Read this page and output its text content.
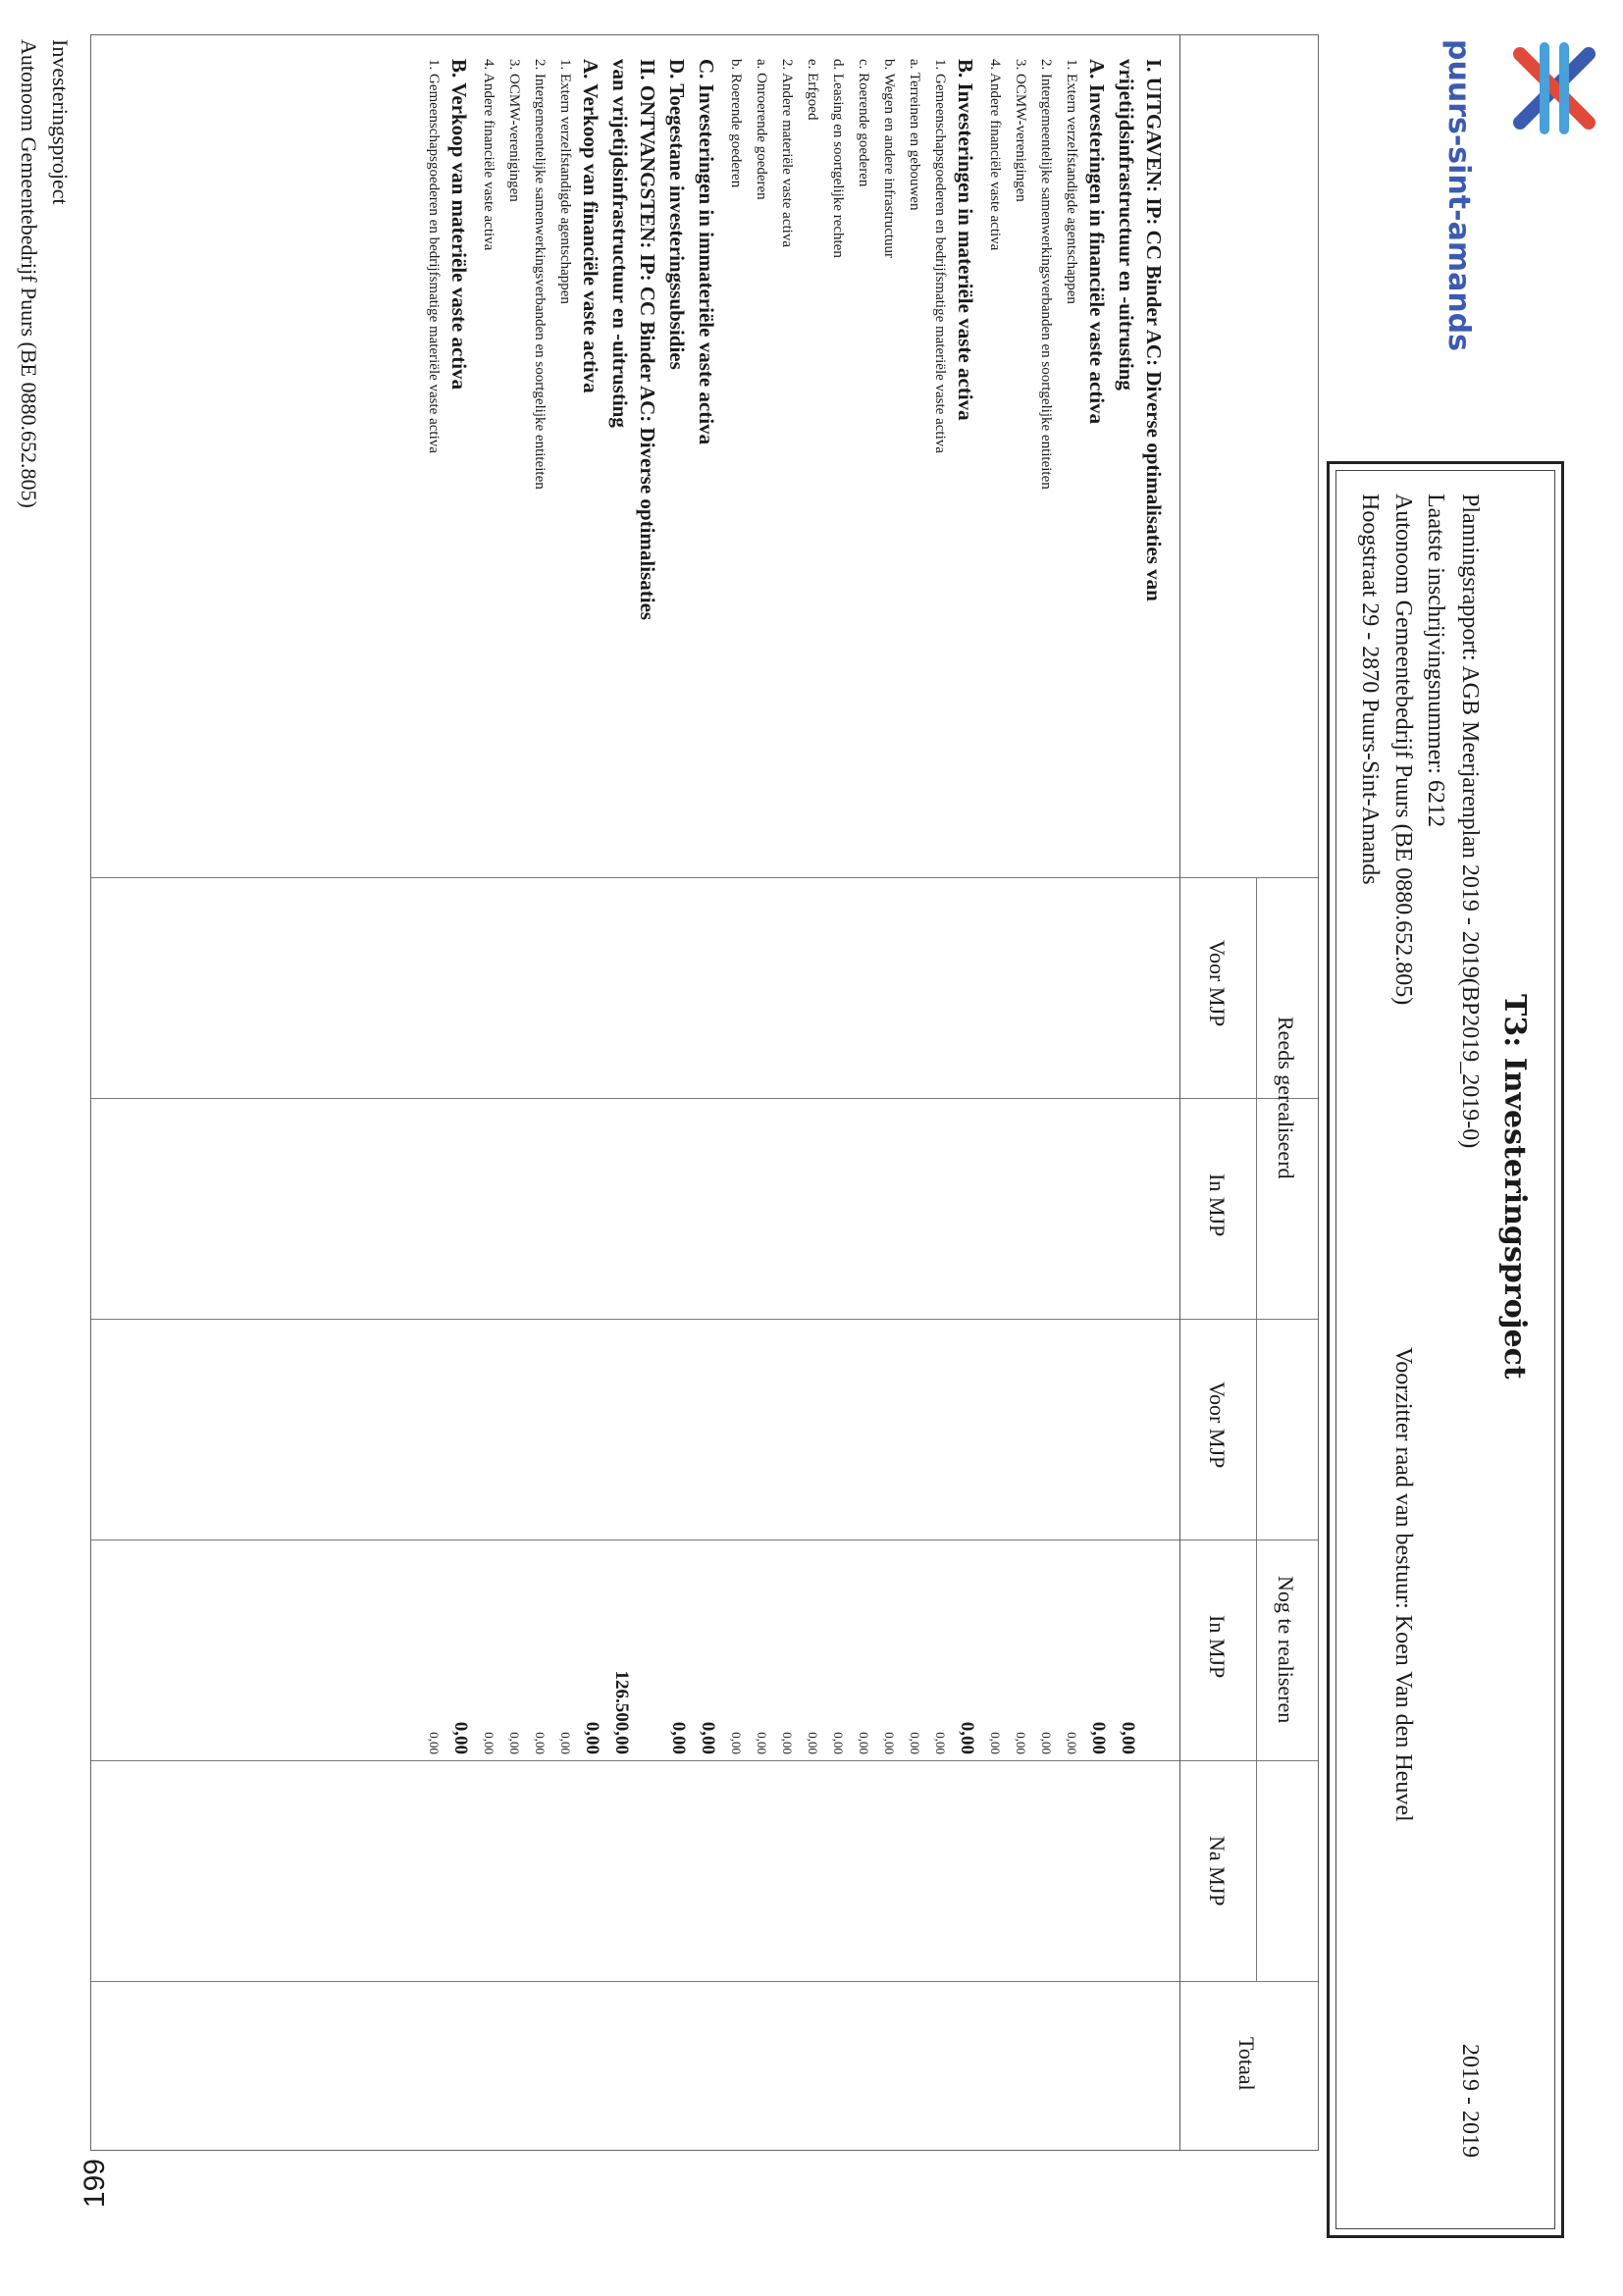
puurs-sint-amands
T3: Investeringsproject
Planningsrapport: AGB Meerjarenplan 2019 - 2019(BP2019_2019-0)
2019 - 2019
Laatste inschrijvingsnummer: 6212
Autonoom Gemeentebedrijf Puurs (BE 0880.652.805)
Voorzitter raad van bestuur: Koen Van den Heuvel
Hoogstraat 29 - 2870 Puurs-Sint-Amands
Reeds gerealiseerd
Nog te realiseren
Totaal
Voor MJP
In MJP
Voor MJP
In MJP
Na MJP
I. UITGAVEN: IP: CC Binder AC: Diverse optimalisaties van
vrijetijdsinfrastructuur en -uitrusting
0,00
A. Investeringen in financiële vaste activa
0,00
1. Extern verzelfstandigde agentschappen
0,00
2. Intergemeentelijke samenwerkingsverbanden en soortgelijke entiteiten
0,00
3. OCMW-verenigingen
0,00
4. Andere financiële vaste activa
0,00
B. Investeringen in materiële vaste activa
0,00
1. Gemeenschapsgoederen en bedrijfsmatige materiële vaste activa
0,00
a. Terreinen en gebouwen
0,00
b. Wegen en andere infrastructuur
0,00
c. Roerende goederen
0,00
d. Leasing en soortgelijke rechten
0,00
e. Erfgoed
0,00
2. Andere materiële vaste activa
0,00
a. Onroerende goederen
0,00
b. Roerende goederen
0,00
C. Investeringen in immateriële vaste activa
0,00
D. Toegestane investeringssubsidies
0,00
II. ONTVANGSTEN: IP: CC Binder AC: Diverse optimalisaties
van vrijetijdsinfrastructuur en -uitrusting
126.500,00
A. Verkoop van financiële vaste activa
0,00
1. Extern verzelfstandigde agentschappen
0,00
2. Intergemeentelijke samenwerkingsverbanden en soortgelijke entiteiten
0,00
3. OCMW-verenigingen
0,00
4. Andere financiële vaste activa
0,00
B. Verkoop van materiële vaste activa
0,00
1. Gemeenschapsgoederen en bedrijfsmatige materiële vaste activa
0,00
Investeringsproject
Autonoom Gemeentebedrijf Puurs (BE 0880.652.805)
199
